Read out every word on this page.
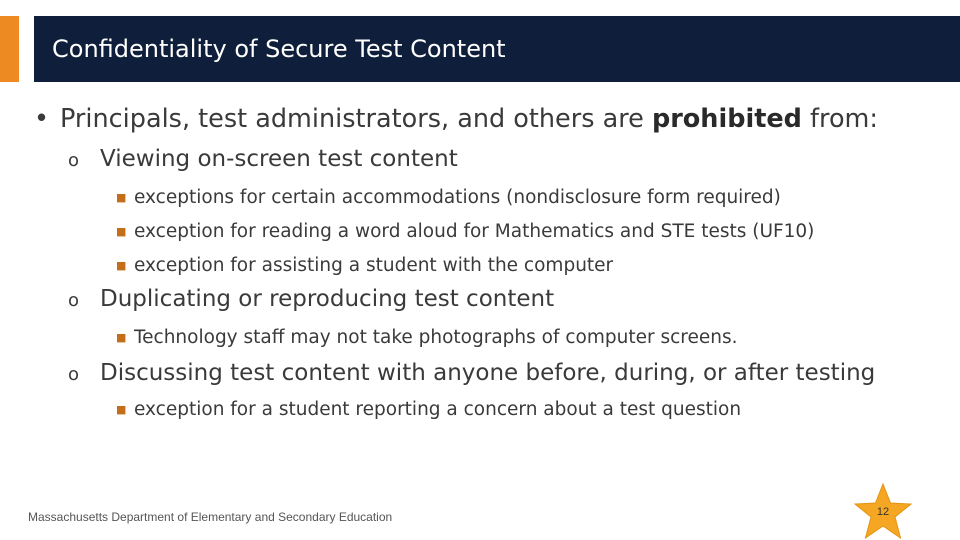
Confidentiality of Secure Test Content
• Principals, test administrators, and others are prohibited from:
o Viewing on-screen test content
■ exceptions for certain accommodations (nondisclosure form required)
■ exception for reading a word aloud for Mathematics and STE tests (UF10)
■ exception for assisting a student with the computer
o Duplicating or reproducing test content
■ Technology staff may not take photographs of computer screens.
o Discussing test content with anyone before, during, or after testing
■ exception for a student reporting a concern about a test question
Massachusetts Department of Elementary and Secondary Education	12
